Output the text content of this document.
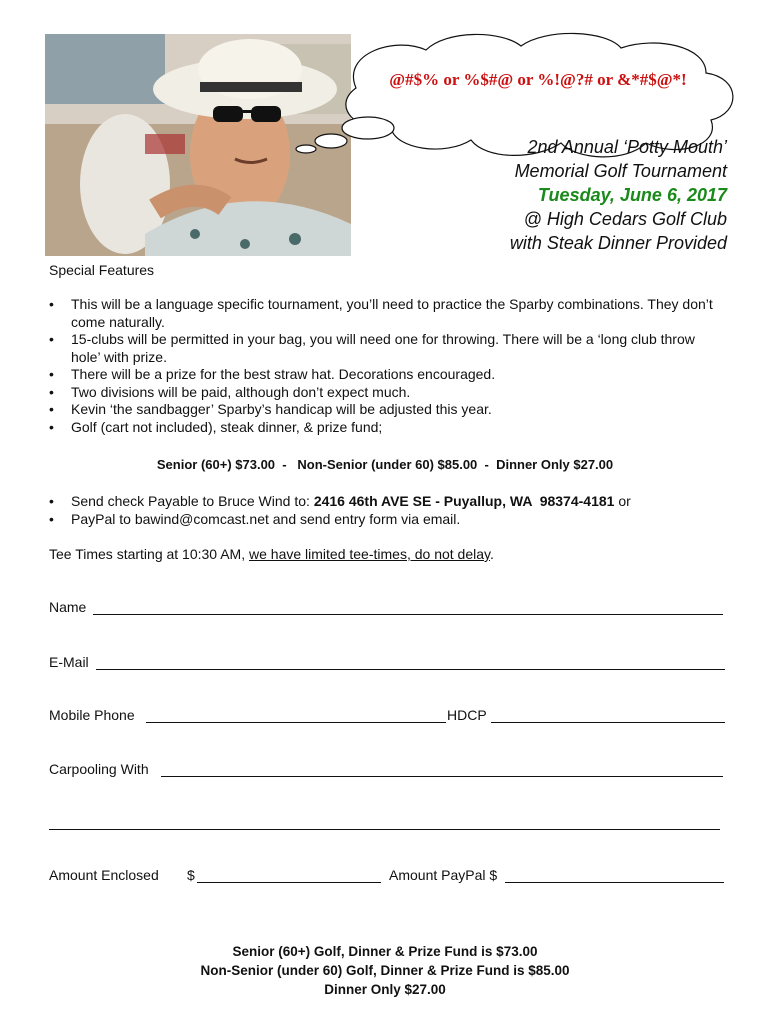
@#$% or %$#@ or %!@?# or &*#$@*!
2nd Annual ‘Potty Mouth’
Memorial Golf Tournament
Tuesday, June 6, 2017
@ High Cedars Golf Club
with Steak Dinner Provided
Special Features
• This will be a language specific tournament, you’ll need to practice the Sparby combinations. They don’t come naturally.
• 15-clubs will be permitted in your bag, you will need one for throwing. There will be a ‘long club throw hole’ with prize.
• There will be a prize for the best straw hat. Decorations encouraged.
• Two divisions will be paid, although don’t expect much.
• Kevin ‘the sandbagger’ Sparby’s handicap will be adjusted this year.
• Golf (cart not included), steak dinner, & prize fund;
Senior (60+) $73.00  -   Non-Senior (under 60) $85.00  -  Dinner Only $27.00
• Send check Payable to Bruce Wind to: 2416 46th AVE SE - Puyallup, WA  98374-4181 or
• PayPal to bawind@comcast.net and send entry form via email.
Tee Times starting at 10:30 AM, we have limited tee-times, do not delay.
Name
E-Mail
Mobile Phone	HDCP
Carpooling With
Amount Enclosed $	Amount PayPal $
Senior (60+) Golf, Dinner & Prize Fund is $73.00
Non-Senior (under 60) Golf, Dinner & Prize Fund is $85.00
Dinner Only $27.00
